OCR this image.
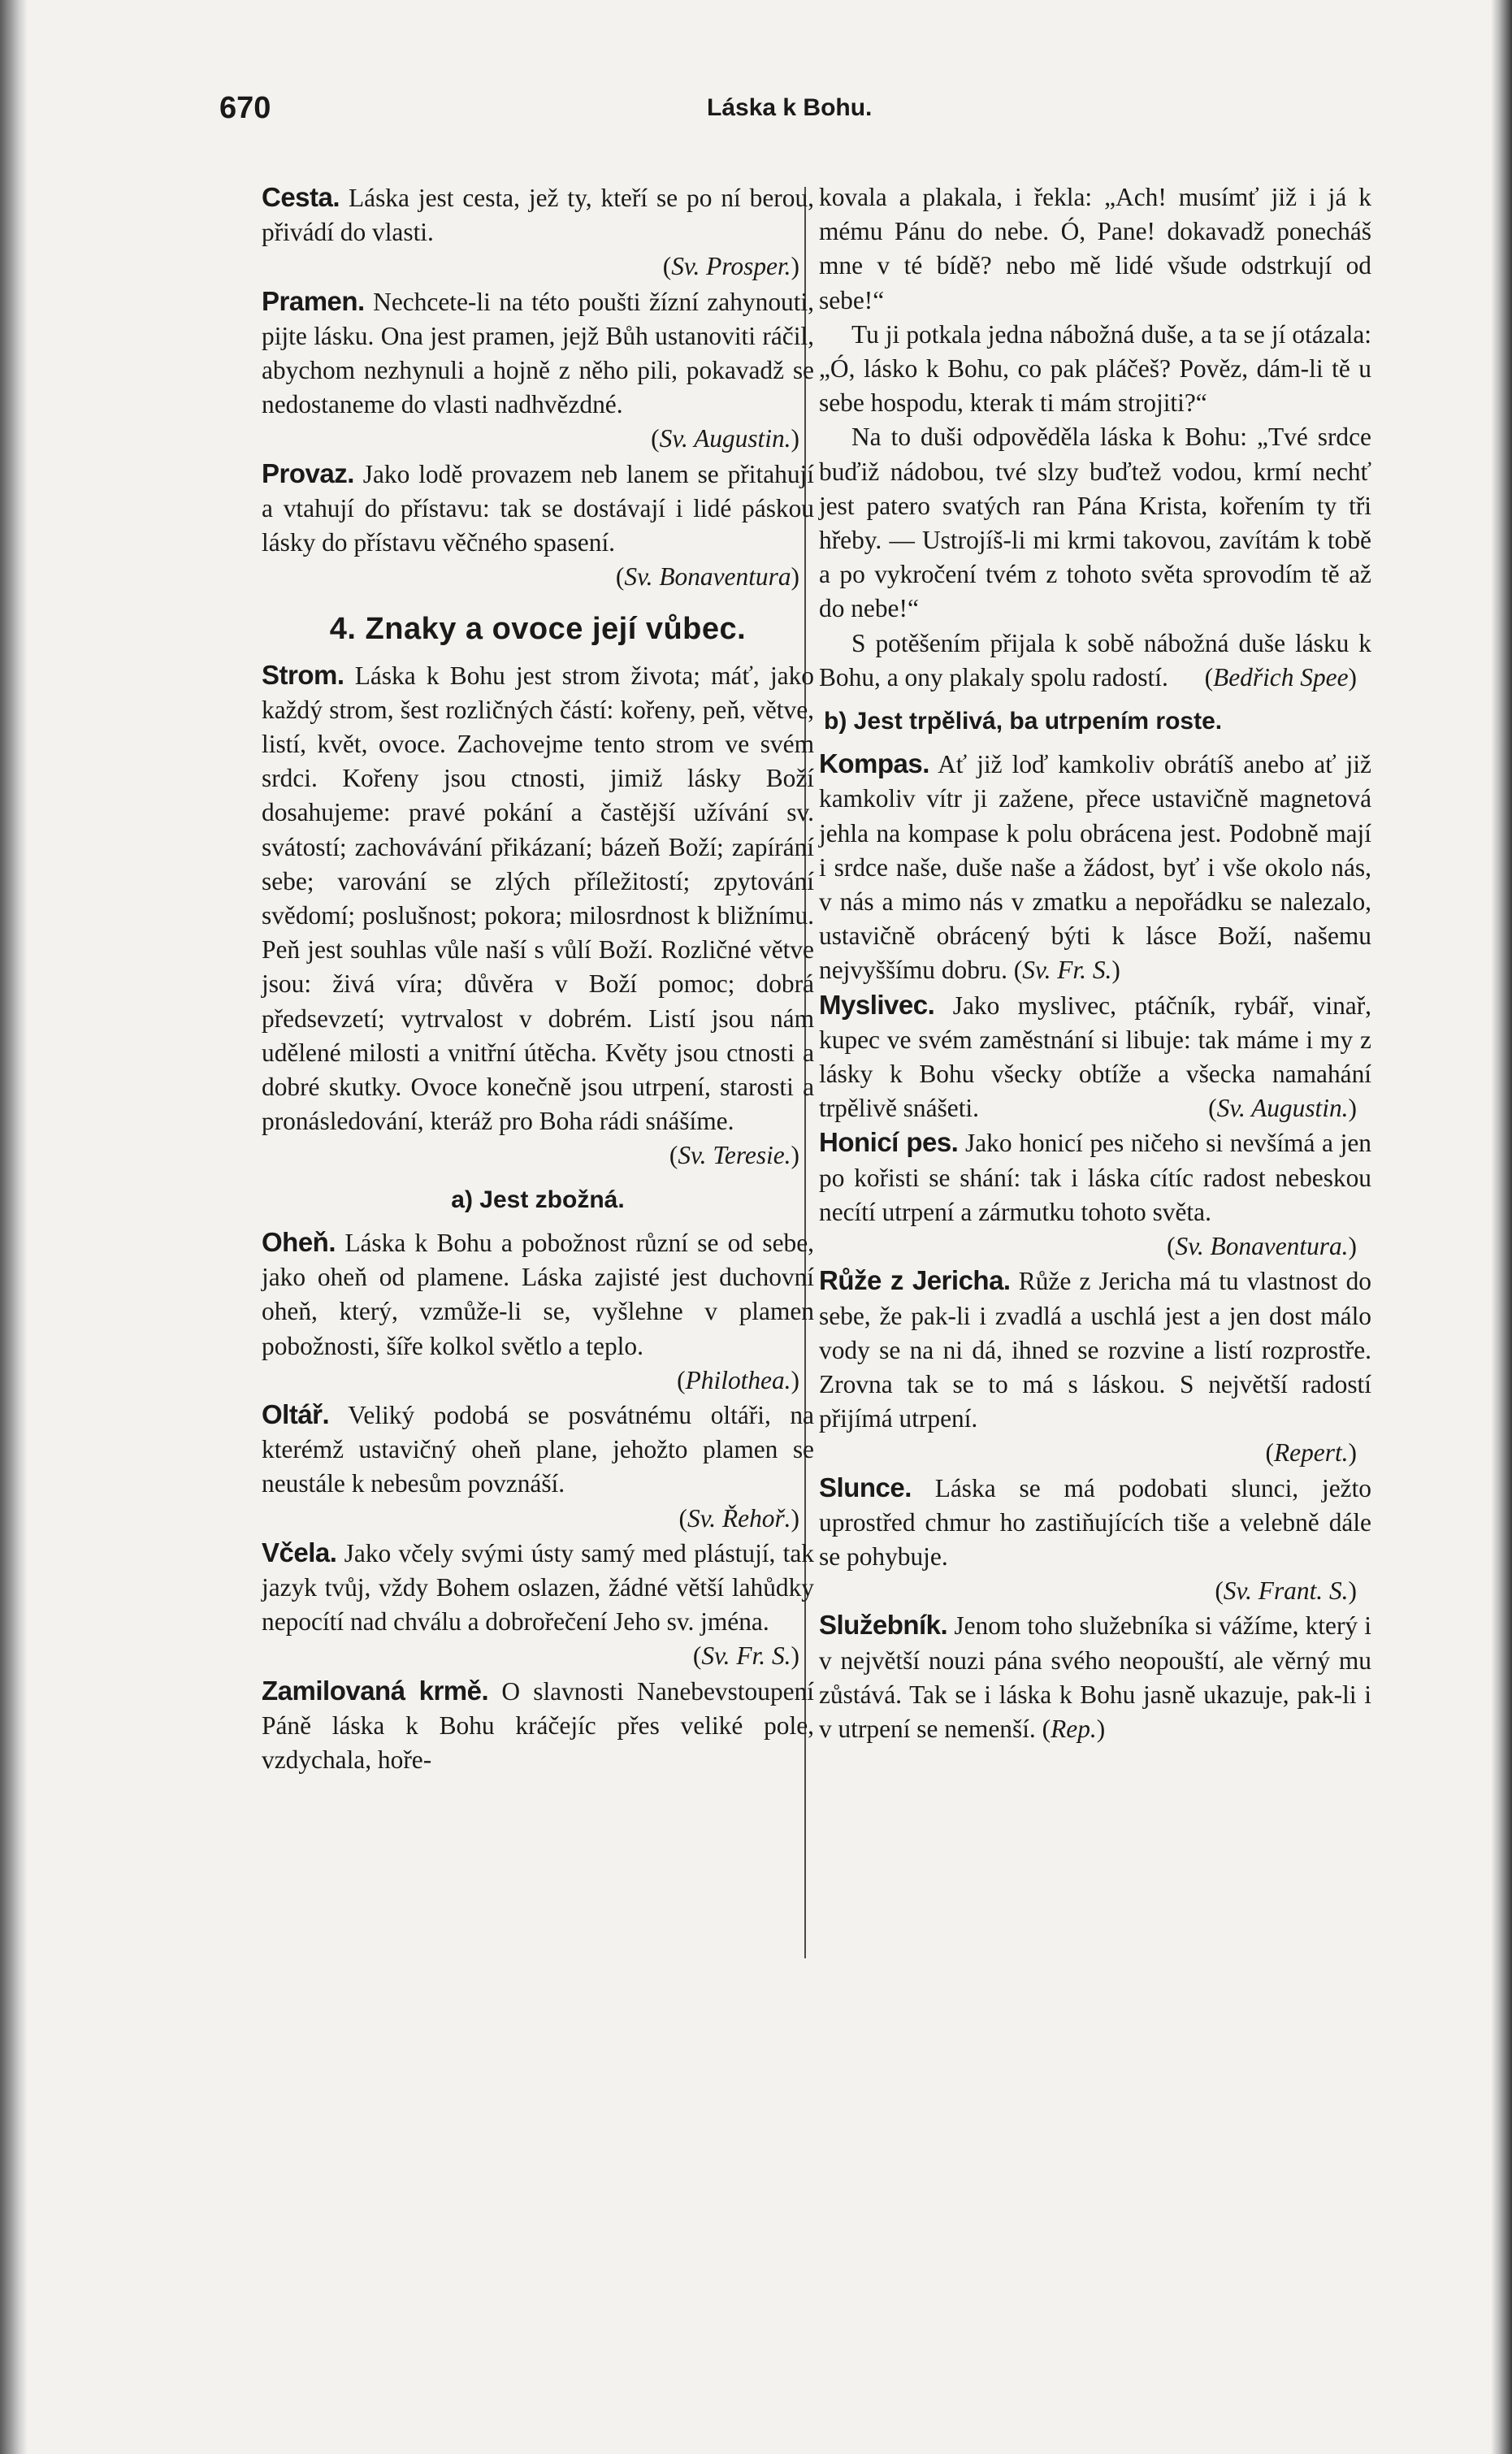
670	Láska k Bohu.

Cesta. Láska jest cesta, jež ty, kteří se po ní berou, přivádí do vlasti.
(Sv. Prosper.)

Pramen. Nechcete-li na této poušti žízní zahynouti, pijte lásku. Ona jest pramen, jejž Bůh ustanoviti ráčil, abychom nezhynuli a hojně z něho pili, pokavadž se nedostaneme do vlasti nadhvězdné.
(Sv. Augustin.)

Provaz. Jako lodě provazem neb lanem se přitahují a vtahují do přístavu: tak se dostávají i lidé páskou lásky do přístavu věčného spasení.
(Sv. Bonaventura)

4. Znaky a ovoce její vůbec.

Strom. Láska k Bohu jest strom života; máť, jako každý strom, šest rozličných částí: kořeny, peň, větve, listí, květ, ovoce. Zachovejme tento strom ve svém srdci. Kořeny jsou ctnosti, jimiž lásky Boží dosahujeme: pravé pokání a častější užívání sv. svátostí; zachovávání přikázaní; bázeň Boží; zapírání sebe; varování se zlých příležitostí; zpytování svědomí; poslušnost; pokora; milosrdnost k bližnímu. Peň jest souhlas vůle naší s vůlí Boží. Rozličné větve jsou: živá víra; důvěra v Boží pomoc; dobrá předsevzetí; vytrvalost v dobrém. Listí jsou nám udělené milosti a vnitřní útěcha. Květy jsou ctnosti a dobré skutky. Ovoce konečně jsou utrpení, starosti a pronásledování, kteráž pro Boha rádi snášíme.
(Sv. Teresie.)

a) Jest zbožná.

Oheň. Láska k Bohu a pobožnost různí se od sebe, jako oheň od plamene. Láska zajisté jest duchovní oheň, který, vzmůže-li se, vyšlehne v plamen pobožnosti, šíře kolkol světlo a teplo.
(Philothea.)

Oltář. Veliký podobá se posvátnému oltáři, na kterémž ustavičný oheň plane, jehožto plamen se neustále k nebesům povznáší.
(Sv. Řehoř.)

Včela. Jako včely svými ústy samý med plástují, tak jazyk tvůj, vždy Bohem oslazen, žádné větší lahůdky nepocítí nad chválu a dobrořečení Jeho sv. jména.
(Sv. Fr. S.)

Zamilovaná krmě. O slavnosti Nanebevstoupení Páně láska k Bohu kráčejíc přes veliké pole, vzdychala, hoře-

kovala a plakala, i řekla: „Ach! musímť již i já k mému Pánu do nebe. Ó, Pane! dokavadž ponecháš mne v té bídě? nebo mě lidé všude odstrkují od sebe!“

Tu ji potkala jedna nábožná duše, a ta se jí otázala: „Ó, lásko k Bohu, co pak pláčeš? Pověz, dám-li tě u sebe hospodu, kterak ti mám strojiti?“

Na to duši odpověděla láska k Bohu: „Tvé srdce buďiž nádobou, tvé slzy buďtež vodou, krmí nechť jest patero svatých ran Pána Krista, kořením ty tři hřeby. — Ustrojíš-li mi krmi takovou, zavítám k tobě a po vykročení tvém z tohoto světa sprovodím tě až do nebe!“

S potěšením přijala k sobě nábožná duše lásku k Bohu, a ony plakaly spolu radostí.	(Bedřich Spee)

b) Jest trpělivá, ba utrpením roste.

Kompas. Ať již loď kamkoliv obrátíš anebo ať již kamkoliv vítr ji zažene, přece ustavičně magnetová jehla na kompase k polu obrácena jest. Podobně mají i srdce naše, duše naše a žádost, byť i vše okolo nás, v nás a mimo nás v zmatku a nepořádku se nalezalo, ustavičně obrácený býti k lásce Boží, našemu nejvyššímu dobru. (Sv. Fr. S.)

Myslivec. Jako myslivec, ptáčník, rybář, vinař, kupec ve svém zaměstnání si libuje: tak máme i my z lásky k Bohu všecky obtíže a všecka namahání trpělivě snášeti.	(Sv. Augustin.)

Honicí pes. Jako honicí pes ničeho si nevšímá a jen po kořisti se shání: tak i láska cítíc radost nebeskou necítí utrpení a zármutku tohoto světa.
(Sv. Bonaventura.)

Růže z Jericha. Růže z Jericha má tu vlastnost do sebe, že pak-li i zvadlá a uschlá jest a jen dost málo vody se na ni dá, ihned se rozvine a listí rozprostře. Zrovna tak se to má s láskou. S největší radostí přijímá utrpení.
(Repert.)

Slunce. Láska se má podobati slunci, ježto uprostřed chmur ho zastiňujících tiše a velebně dále se pohybuje.
(Sv. Frant. S.)

Služebník. Jenom toho služebníka si vážíme, který i v největší nouzi pána svého neopouští, ale věrný mu zůstává. Tak se i láska k Bohu jasně ukazuje, pak-li i v utrpení se nemenší. (Rep.)
